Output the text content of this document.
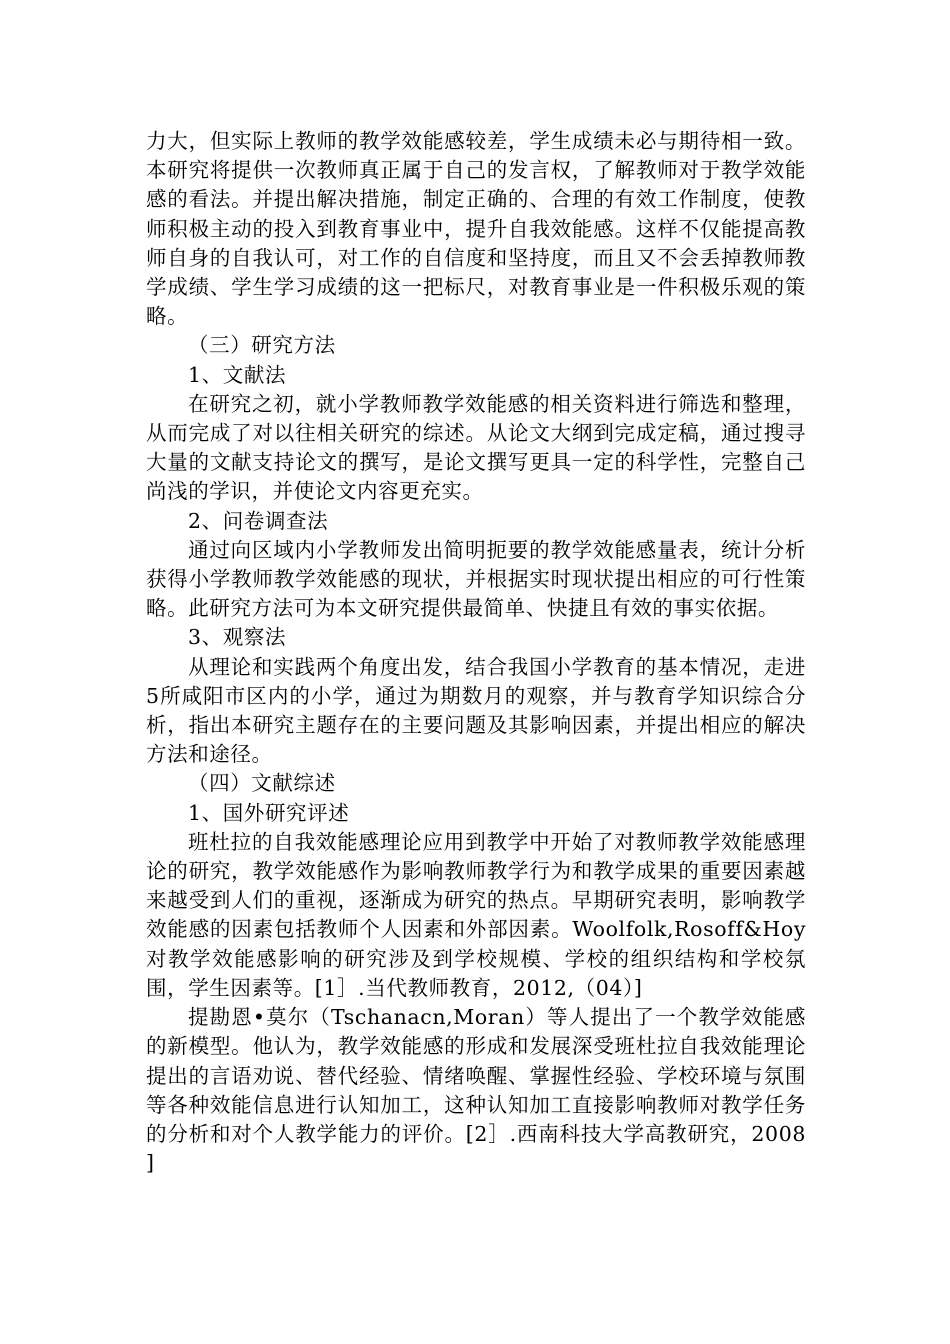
力大，但实际上教师的教学效能感较差，学生成绩未必与期待相一致。本研究将提供一次教师真正属于自己的发言权，了解教师对于教学效能感的看法。并提出解决措施，制定正确的、合理的有效工作制度，使教师积极主动的投入到教育事业中，提升自我效能感。这样不仅能提高教师自身的自我认可，对工作的自信度和坚持度，而且又不会丢掉教师教学成绩、学生学习成绩的这一把标尺，对教育事业是一件积极乐观的策略。

（三）研究方法

1、文献法

在研究之初，就小学教师教学效能感的相关资料进行筛选和整理，从而完成了对以往相关研究的综述。从论文大纲到完成定稿，通过搜寻大量的文献支持论文的撰写，是论文撰写更具一定的科学性，完整自己尚浅的学识，并使论文内容更充实。

2、问卷调查法

通过向区域内小学教师发出简明扼要的教学效能感量表，统计分析获得小学教师教学效能感的现状，并根据实时现状提出相应的可行性策略。此研究方法可为本文研究提供最简单、快捷且有效的事实依据。

3、观察法

从理论和实践两个角度出发，结合我国小学教育的基本情况，走进5所咸阳市区内的小学，通过为期数月的观察，并与教育学知识综合分析，指出本研究主题存在的主要问题及其影响因素，并提出相应的解决方法和途径。

（四）文献综述

1、国外研究评述

班杜拉的自我效能感理论应用到教学中开始了对教师教学效能感理论的研究，教学效能感作为影响教师教学行为和教学成果的重要因素越来越受到人们的重视，逐渐成为研究的热点。早期研究表明，影响教学效能感的因素包括教师个人因素和外部因素。Woolfolk,Rosoff&Hoy对教学效能感影响的研究涉及到学校规模、学校的组织结构和学校氛围，学生因素等。[1］.当代教师教育，2012,（04）]

提勘恩•莫尔（Tschanacn,Moran）等人提出了一个教学效能感的新模型。他认为，教学效能感的形成和发展深受班杜拉自我效能理论提出的言语劝说、替代经验、情绪唤醒、掌握性经验、学校环境与氛围等各种效能信息进行认知加工，这种认知加工直接影响教师对教学任务的分析和对个人教学能力的评价。[2］.西南科技大学高教研究，2008 ]
